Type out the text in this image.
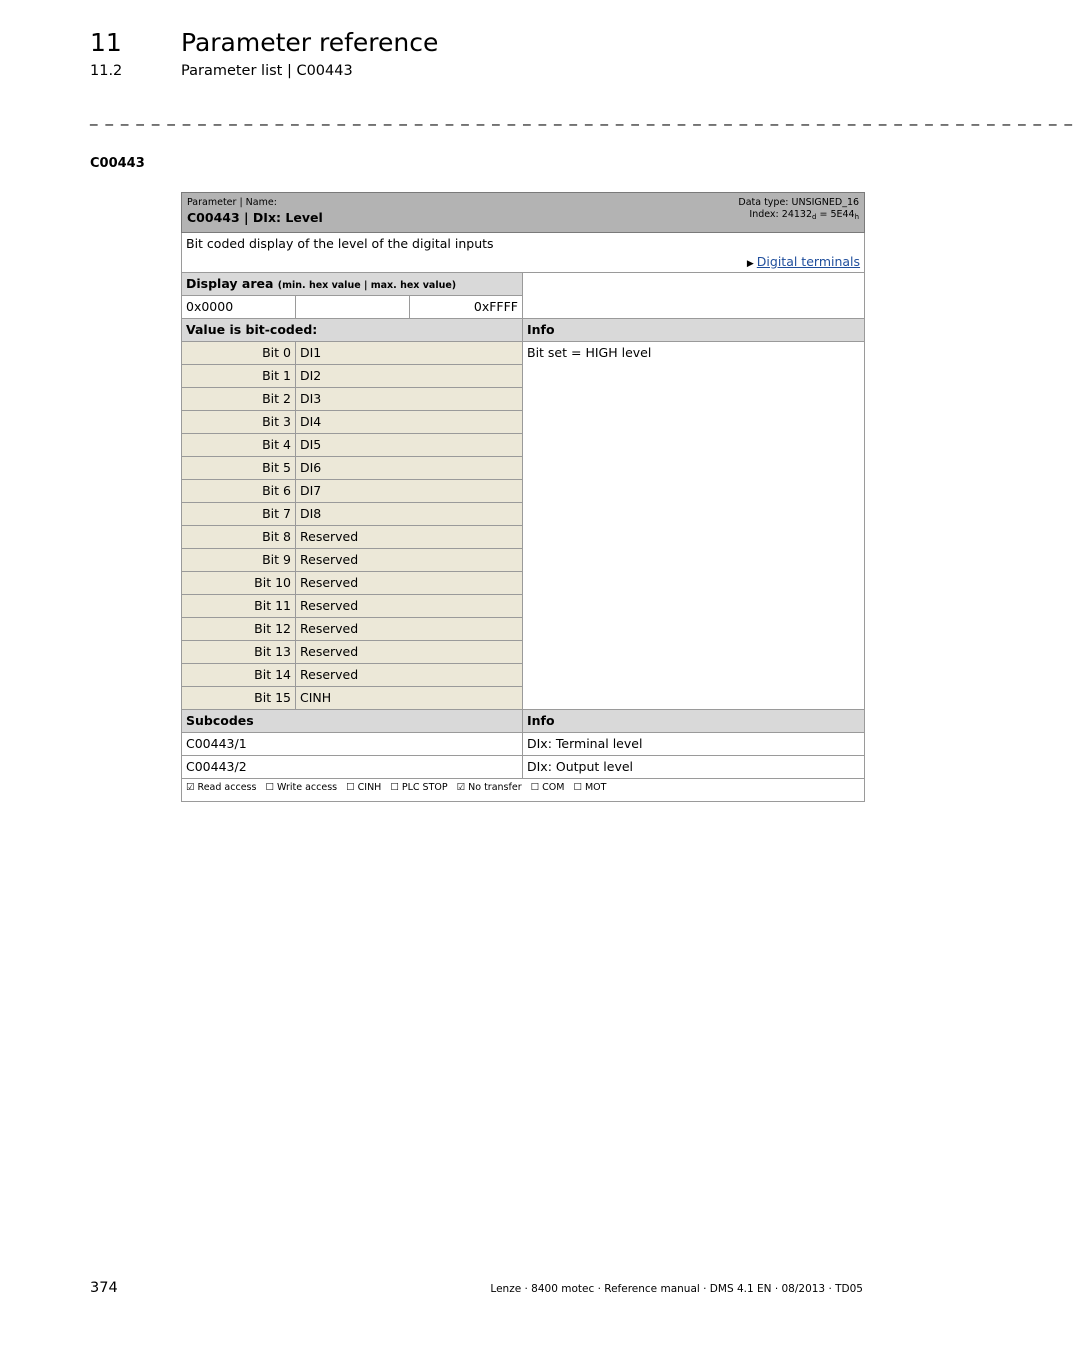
11 Parameter reference
11.2	Parameter list | C00443
_ _ _ _ _ _ _ _ _ _ _ _ _ _ _ _ _ _ _ _ _ _ _ _ _ _ _ _ _ _ _ _ _ _ _ _ _ _ _ _ _ _ _ _ _ _ _ _ _ _ _ _ _ _ _ _ _ _ _ _ _ _ _ _
C00443
Data type: UNSIGNED_16
Index: $24132_d = 5E44_h$
Parameter | Name:
C00443 | DIx: Level			

Bit coded display of the level of the digital inputs
▶ Digital terminals			

Display area (min. hex value | max. hex value)			
0x0000		0xFFFF	
Value is bit-coded:			Info
Bit 0	DI1		Bit set = HIGH level
Bit 1	DI2		
Bit 2	DI3		
Bit 3	DI4		
Bit 4	DI5		
Bit 5	DI6		
Bit 6	DI7		
Bit 7	DI8		
Bit 8	Reserved		
Bit 9	Reserved		
Bit 10	Reserved		
Bit 11	Reserved		
Bit 12	Reserved		
Bit 13	Reserved		
Bit 14	Reserved		
Bit 15	CINH		
Subcodes			Info
C00443/1			DIx: Terminal level
C00443/2			DIx: Output level
☑ Read access ☐ Write access ☐ CINH ☐ PLC STOP ☑ No transfer ☐ COM ☐ MOT			
374	Lenze · 8400 motec · Reference manual · DMS 4.1 EN · 08/2013 · TD05
